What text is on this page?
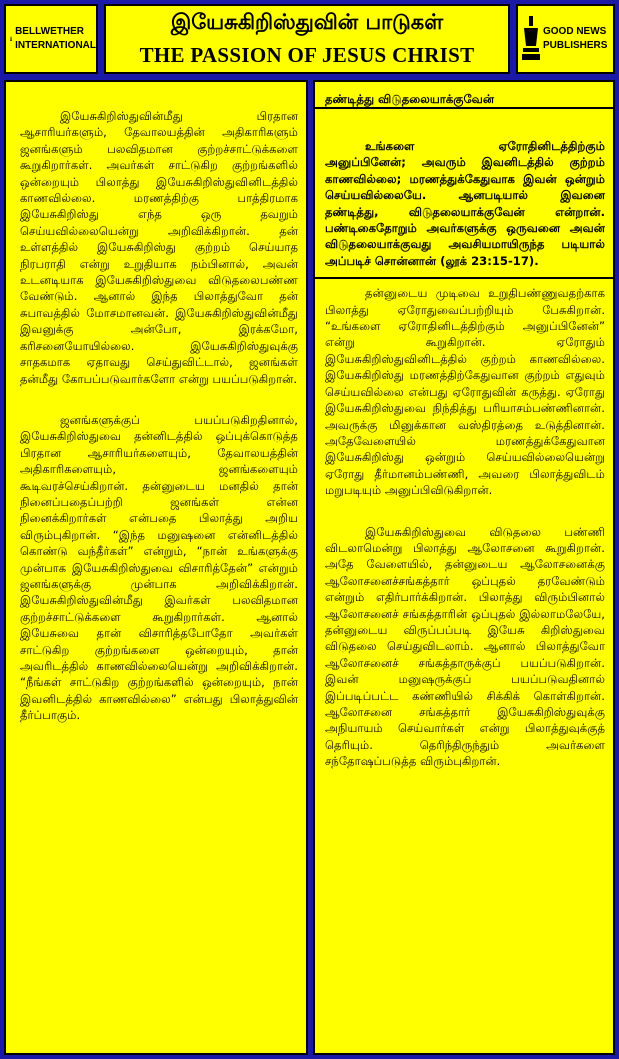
BELLWETHER
INTERNATIONAL
இயேசுகிறிஸ்துவின் பாடுகள்
THE PASSION OF JESUS CHRIST
GOOD NEWS
PUBLISHERS

இயேசுகிறிஸ்துவின்மீது பிரதான ஆசாரியர்களும், தேவாலயத்தின் அதிகாரிகளும் ஜனங்களும் பலவிதமான குற்றச்சாட்டுக்களை கூறுகிறார்கள். அவர்கள் சாட்டுகிற குற்றங்களில் ஒன்றையும் பிலாத்து இயேசுகிறிஸ்துவினிடத்தில் காணவில்லை. மரணத்திற்கு பாத்திரமாக இயேசுகிறிஸ்து எந்த ஒரு தவறும் செய்யவில்லையென்று அறிவிக்கிறான். தன் உள்ளத்தில் இயேசுகிறிஸ்து குற்றம் செய்யாத நிரபராதி என்று உறுதியாக நம்பினால், அவன் உடனடியாக இயேசுகிறிஸ்துவை விடுதலைபண்ண வேண்டும். ஆனால் இந்த பிலாத்துவோ தன் சுபாவத்தில் மோசமானவன். இயேசுகிறிஸ்துவின்மீது இவனுக்கு அன்போ, இரக்கமோ, கரிசனையோயில்லை. இயேசுகிறிஸ்துவுக்கு சாதகமாக ஏதாவது செய்துவிட்டால், ஜனங்கள் தன்மீது கோபப்படுவார்களோ என்று பயப்படுகிறான்.

ஜனங்களுக்குப் பயப்படுகிறதினால், இயேசுகிறிஸ்துவை தன்னிடத்தில் ஒப்புக்கொடுத்த பிரதான ஆசாரியர்களையும், தேவாலயத்தின் அதிகாரிகளையும், ஜனங்களையும் கூடிவரச்செய்கிறான். தன்னுடைய மனதில் தான் நினைப்பதைப்பற்றி ஜனங்கள் என்ன நினைக்கிறார்கள் என்பதை பிலாத்து அறிய விரும்புகிறான். “இந்த மனுஷனை என்னிடத்தில் கொண்டு வந்தீர்கள்” என்றும், “நான் உங்களுக்கு முன்பாக இயேசுகிறிஸ்துவை விசாரித்தேன்” என்றும் ஜனங்களுக்கு முன்பாக அறிவிக்கிறான். இயேசுகிறிஸ்துவின்மீது இவர்கள் பலவிதமான குற்றச்சாட்டுக்களை கூறுகிறார்கள். ஆனால் இயேசுவை தான் விசாரித்தபோதோ அவர்கள் சாட்டுகிற குற்றங்களை ஒன்றையும், தான் அவரிடத்தில் காணவில்லையென்று அறிவிக்கிறான். “நீங்கள் சாட்டுகிற குற்றங்களில் ஒன்றையும், நான் இவனிடத்தில் காணவில்லை” என்பது பிலாத்துவின் தீர்ப்பாகும்.

தண்டித்து விடுதலையாக்குவேன்

உங்களை ஏரோதினிடத்திற்கும் அனுப்பினேன்; அவரும் இவனிடத்தில் குற்றம் காணவில்லை; மரணத்துக்கேதுவாக இவன் ஒன்றும் செய்யவில்லையே. ஆனபடியால் இவனை தண்டித்து, விடுதலையாக்குவேன் என்றான். பண்டிகைதோறும் அவர்களுக்கு ஒருவனை அவன் விடுதலையாக்குவது அவசியமாயிருந்த படியால் அப்படிச் சொன்னான் (லூக் 23:15-17).

தன்னுடைய முடிவை உறுதிபண்ணுவதற்காக பிலாத்து ஏரோதுவைப்பற்றியும் பேசுகிறான். “உங்களை ஏரோதினிடத்திற்கும் அனுப்பினேன்” என்று கூறுகிறான். ஏரோதும் இயேசுகிறிஸ்துவினிடத்தில் குற்றம் காணவில்லை. இயேசுகிறிஸ்து மரணத்திற்கேதுவான குற்றம் எதுவும் செய்யவில்லை என்பது ஏரோதுவின் கருத்து. ஏரோது இயேசுகிறிஸ்துவை நிந்தித்து பரியாசம்பண்ணினான். அவருக்கு மினுக்கான வஸ்திரத்தை உடுத்தினான். அதேவேளையில் மரணத்துக்கேதுவான இயேசுகிறிஸ்து ஒன்றும் செய்யவில்லையென்று ஏரோது தீர்மானம்பண்ணி, அவரை பிலாத்துவிடம் மறுபடியும் அனுப்பிவிடுகிறான்.

இயேசுகிறிஸ்துவை விடுதலை பண்ணி விடலாமென்று பிலாத்து ஆலோசனை கூறுகிறான். அதே வேளையில், தன்னுடைய ஆலோசனைக்கு ஆலோசனைச்சங்கத்தார் ஒப்புதல் தரவேண்டும் என்றும் எதிர்பார்க்கிறான். பிலாத்து விரும்பினால் ஆலோசனைச் சங்கத்தாரின் ஒப்புதல் இல்லாமலேயே, தன்னுடைய விருப்பப்படி இயேசு கிறிஸ்துவை விடுதலை செய்துவிடலாம். ஆனால் பிலாத்துவோ ஆலோசனைச் சங்கத்தாருக்குப் பயப்படுகிறான். இவன் மனுஷருக்குப் பயப்படுவதினால் இப்படிப்பட்ட கண்ணியில் சிக்கிக் கொள்கிறான். ஆலோசனை சங்கத்தார் இயேசுகிறிஸ்துவுக்கு அநியாயம் செய்வார்கள் என்று பிலாத்துவுக்குத் தெரியும். தெரிந்திருந்தும் அவர்களை சந்தோஷப்படுத்த விரும்புகிறான்.
